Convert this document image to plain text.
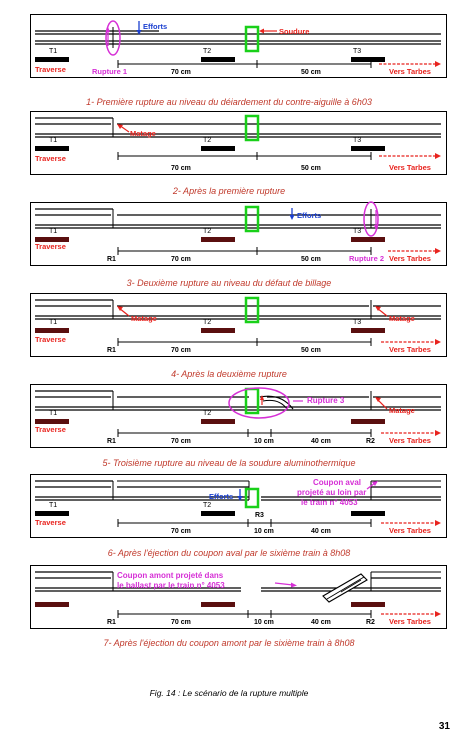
Soudure
Efforts
T1	T2	T3
Traverse	Rupture 1	70 cm	50 cm	Vers Tarbes
1- Première rupture au niveau du déiardement du contre-aiguille à 6h03
Matage
T1	T2	T3
Traverse
70 cm	50 cm	Vers Tarbes
2- Après la première rupture
Efforts
T1	T2	T3
Traverse
R1	70 cm	50 cm	Rupture 2 Vers Tarbes
3- Deuxième rupture au niveau du défaut de billage
Matage	Matage
T1	T2	T3
Traverse
R1	70 cm	50 cm	Vers Tarbes
4- Après la deuxième rupture
Rupture 3
Matage
T1	T2
Traverse
R1	R2
70 cm	10 cm	40 cm	Vers Tarbes
5- Troisième rupture au niveau de la soudure aluminothermique
Efforts
Coupon aval
projeté au loin par
le train n° 4053
T1	T2
Traverse
R3
70 cm	10 cm	40 cm	Vers Tarbes
6- Après l'éjection du coupon aval par le sixième train à 8h08
Coupon amont projeté dans
le ballast par le train n° 4053
R1	R2
70 cm	10 cm	40 cm	Vers Tarbes
7- Après l'éjection du coupon amont par le sixième train à 8h08
Fig. 14 : Le scénario de la rupture multiple
31
